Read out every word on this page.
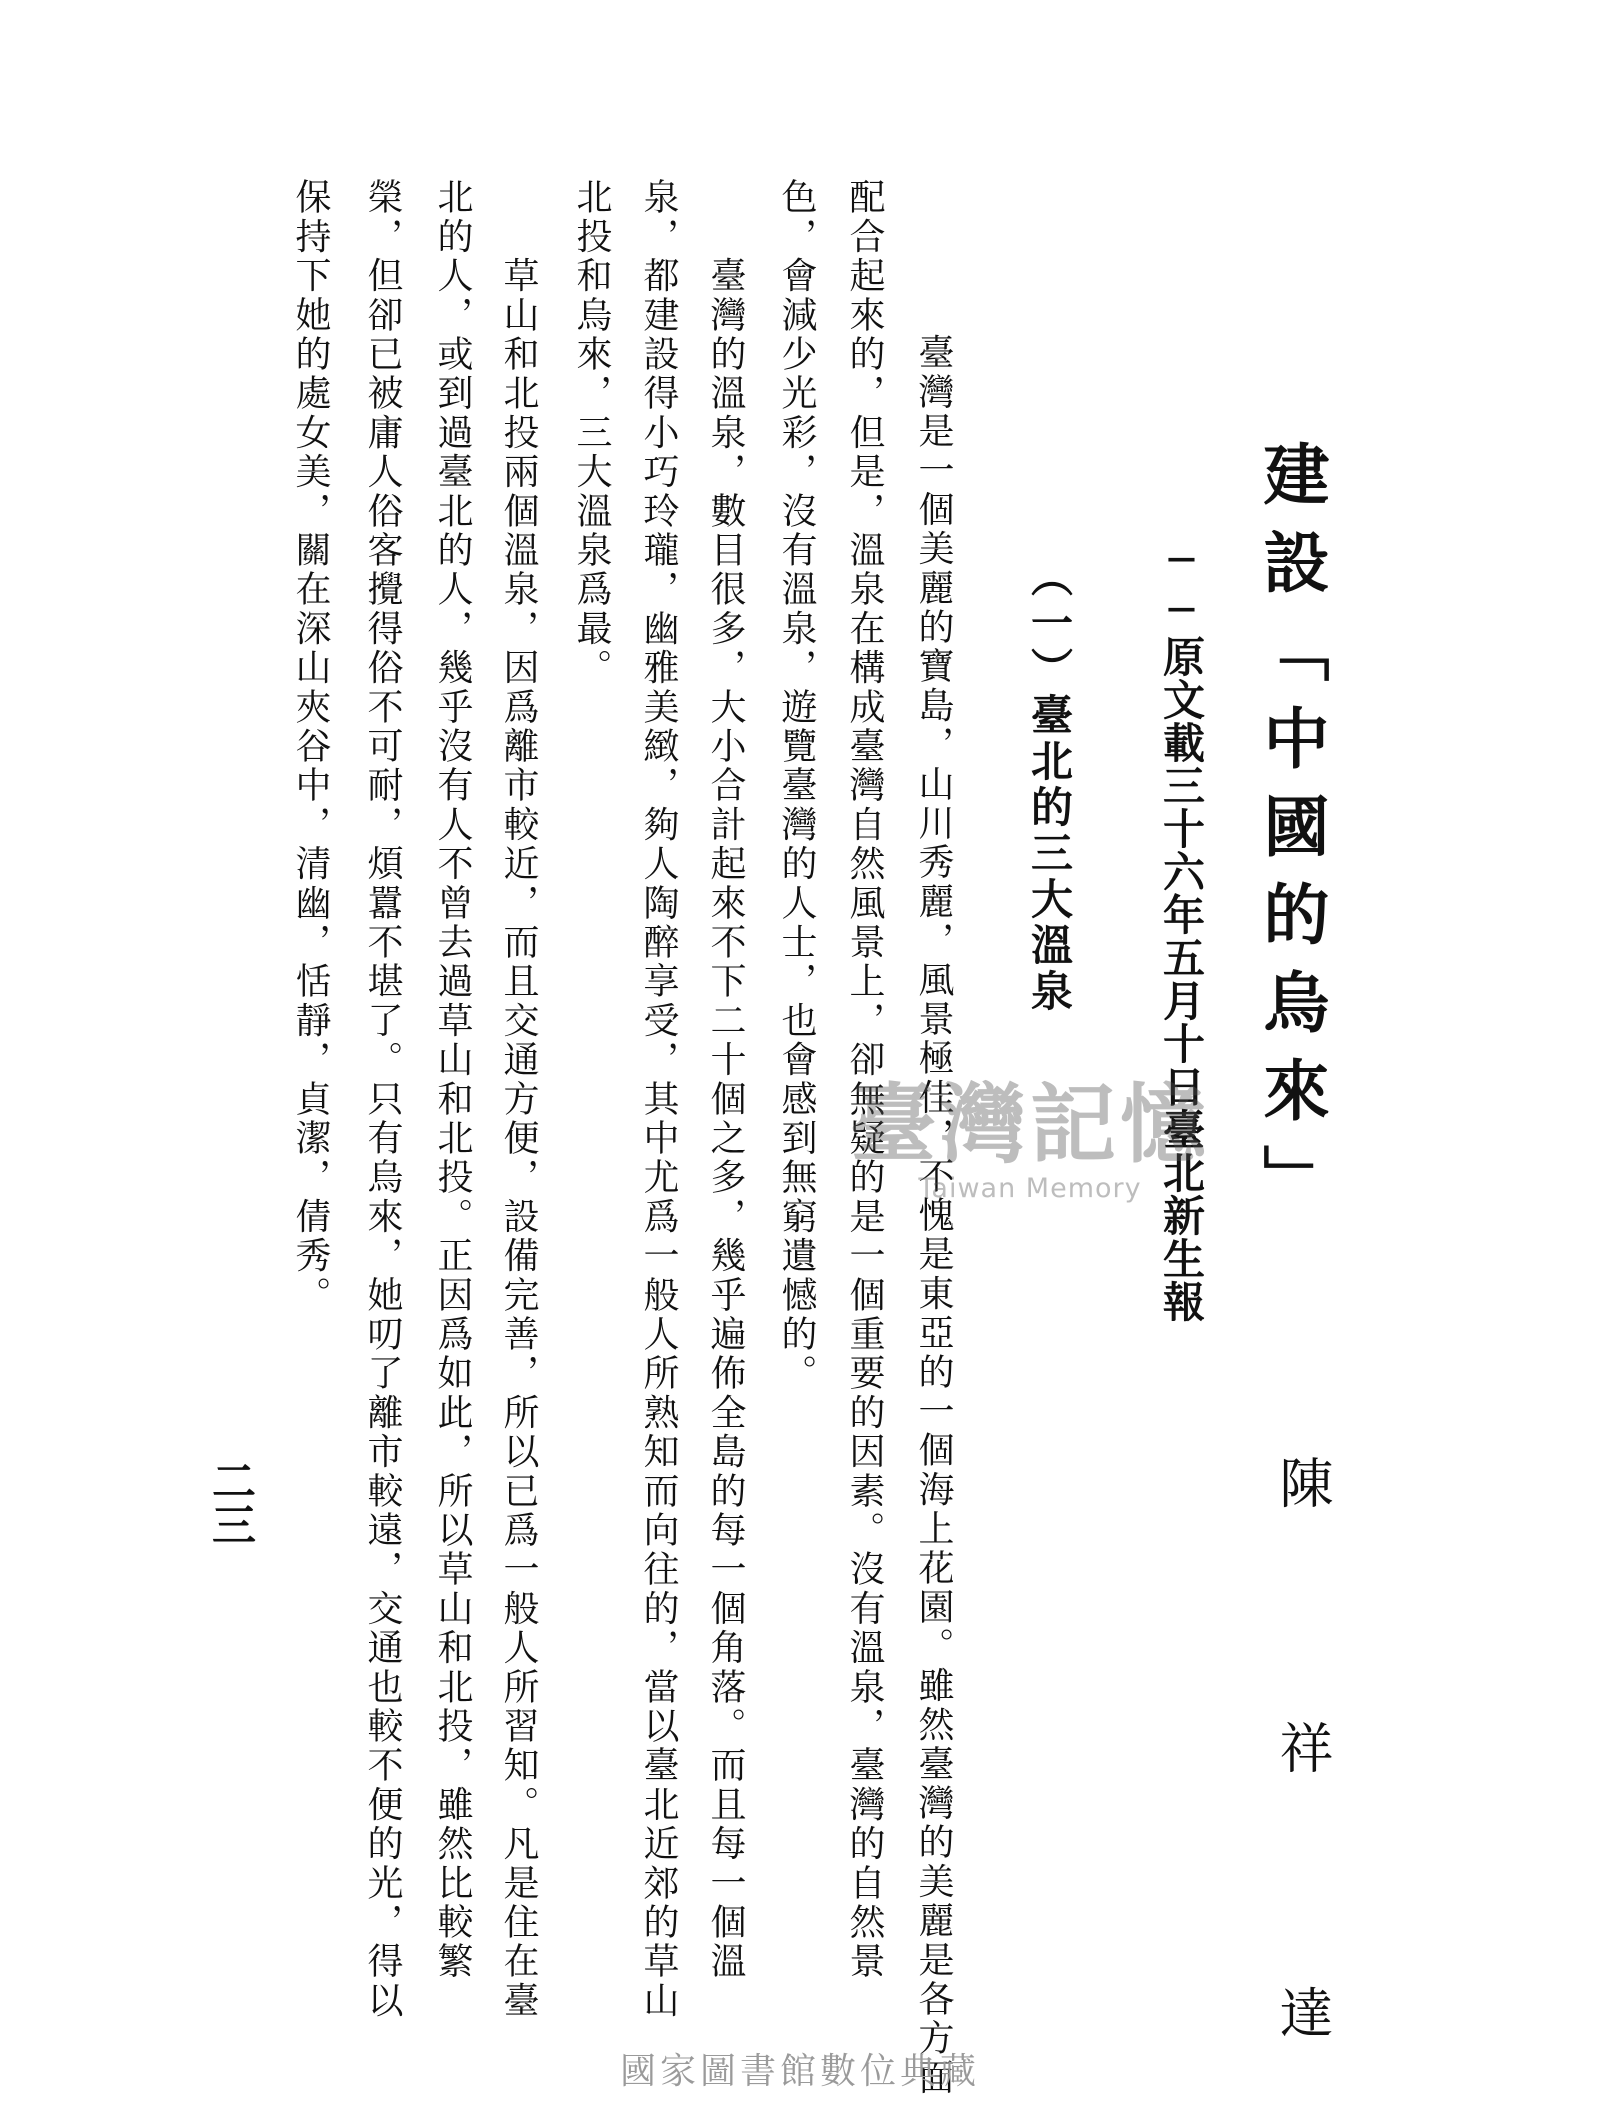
建設「中國的烏來」
陳 祥 達
──原文載三十六年五月十日臺北新生報
（一）臺北的三大溫泉
　　臺灣是一個美麗的寶島，山川秀麗，風景極佳，不愧是東亞的一個海上花園。雖然臺灣的美麗是各方面
配合起來的，但是，溫泉在構成臺灣自然風景上，卻無疑的是一個重要的因素。沒有溫泉，臺灣的自然景
色，會減少光彩，沒有溫泉，遊覽臺灣的人士，也會感到無窮遺憾的。
　　臺灣的溫泉，數目很多，大小合計起來不下二十個之多，幾乎遍佈全島的每一個角落。而且每一個溫
泉，都建設得小巧玲瓏，幽雅美緻，夠人陶醉享受，其中尤爲一般人所熟知而向往的，當以臺北近郊的草山
北投和烏來，三大溫泉爲最。
　　草山和北投兩個溫泉，因爲離市較近，而且交通方便，設備完善，所以已爲一般人所習知。凡是住在臺
北的人，或到過臺北的人，幾乎沒有人不曾去過草山和北投。正因爲如此，所以草山和北投，雖然比較繁
榮，但卻已被庸人俗客攪得俗不可耐，煩囂不堪了。只有烏來，她叨了離市較遠，交通也較不便的光，得以
保持下她的處女美，關在深山夾谷中，清幽，恬靜，貞潔，倩秀。
二三
臺灣記憶
Taiwan Memory
國家圖書館數位典藏
